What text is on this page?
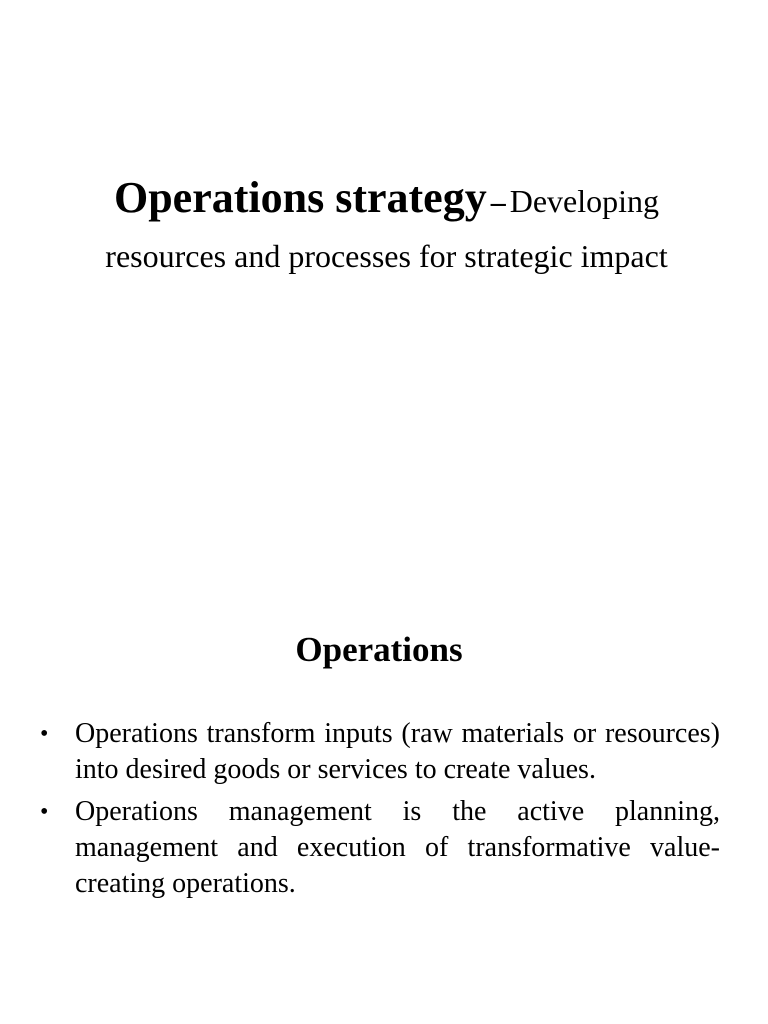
Operations strategy – Developing
resources and processes for strategic impact
Operations
• Operations transform inputs (raw materials or resources) into desired goods or services to create values.
• Operations management is the active planning, management and execution of transformative value-creating operations.
